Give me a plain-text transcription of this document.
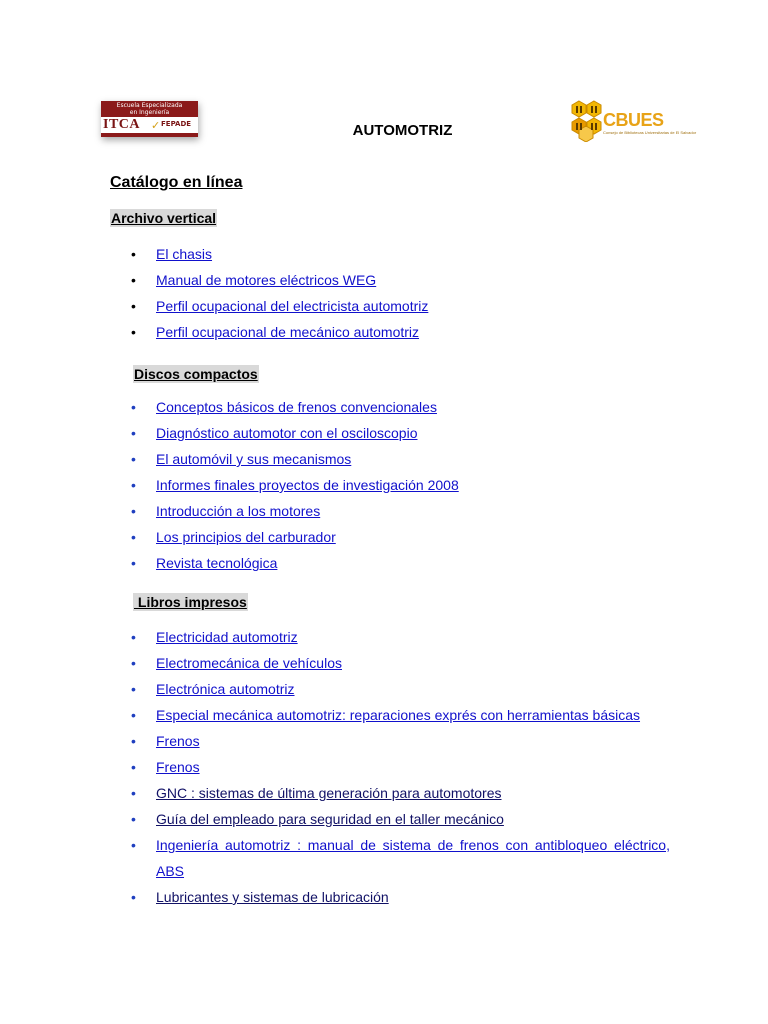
Escuela Especializada
en Ingeniería
ITCA ✓ FEPADE	AUTOMOTRIZ
CBUES
Consejo de Bibliotecas Universitarias de El Salvador
Catálogo en línea
Archivo vertical
•	El chasis
•	Manual de motores eléctricos WEG
•	Perfil ocupacional del electricista automotriz
•	Perfil ocupacional de mecánico automotriz
Discos compactos
•	Conceptos básicos de frenos convencionales
•	Diagnóstico automotor con el osciloscopio
•	El automóvil y sus mecanismos
•	Informes finales proyectos de investigación 2008
•	Introducción a los motores
•	Los principios del carburador
•	Revista tecnológica
Libros impresos
•	Electricidad automotriz
•	Electromecánica de vehículos
•	Electrónica automotriz
•	Especial mecánica automotriz: reparaciones exprés con herramientas básicas
•	Frenos
•	Frenos
•	GNC : sistemas de última generación para automotores
•	Guía del empleado para seguridad en el taller mecánico
•	Ingeniería automotriz : manual de sistema de frenos con antibloqueo eléctrico, ABS
•	Lubricantes y sistemas de lubricación
